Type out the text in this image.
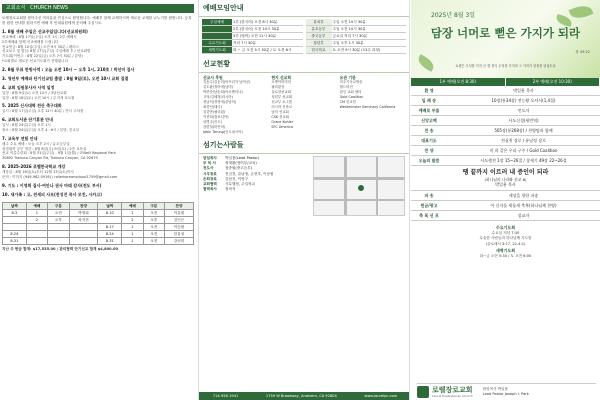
교회소식 CHURCH NEWS
로렐장로교회를 찾아주신 여러분을 진심으로 환영합니다. 예배후 함께 교제하시며 새로운 교제를 나누기를 원합니다. 등록를 원한 안내를 원하시면 예배 후 안내위원에게 문의해 주십시오.
1. 8월 셋째 주일은 선교주일입니다(선교위원회)
선교예배 : 8월 17일(주일) 오후 1시, 2부 예배시
2부예배와 함께 선교예배를 드립니다
선교헌금: 8월 10일(주일) 오전 9시 30분 / 레터스
선교보고 및 합심: 8월 17일(주일) 주일예배 후 / 선교회별
기도회(이번주 : 8월 22일(금) 오후 7시 30분 / 본당)
*교회별로 새로운 선교기도회가 진행됩니다
2. 8월 무료 한방사역 : 오늘 오전 10시 ~ 오후 1시, 210호 / 박선미 집사
3. 청년부 예배와 단기선교팀 출발 : 8월 9일(토), 오전 10시 교회 집결
4. 교회 임원봉사자 사역 일정
일정 : 8월 9일(토) 오전 10시 / 3남선교회
일정 : 8월 16일(토) 오전 10시 / 무지개 포도원
5. 2025 신사대학 전산 축구대회
일시 : 8월 17일(주일) 오후 12시 40분 / 잔디 주차장
6. 교회도서관 단기휴관 안내
일시 : 8월 24일(주일) 오후 1시
장소 : 8월 24일(주일) 오후 4 : 6시 / 본당, 친교실
7. 교육부 연합 안내
매주 수요 예배 : 오늘 오후 2시 / 유초등부실
성경대학 공부 개강 : 8월 8일(금)-9일(토) / 2층 교육실
선교 여름수련회 : 8월 31일(주일) - 9월 1일(월) / O'Neill Regional Park
30892 Trabuco Canyon Rd, Trabuco Canyon, CA 92679
8. 2025-2026 로렐한국학교 개강
개강일 : 8월 16일(토)부터 12월 13일(토)까지
문의 : 이미지 (949-982-0916) / rollerkoreanschool1759@gmail.com
9. 기도 : 이영희 집사·여안나 권사 마태 감사(전도 부서)
10. 새가족 : 고, 전세의 사모(전성진 목사 모친, 시카고)
날짜	예배	구분	찬양	날짜	예배	구분	찬양
8.3	1	오전	박영희	8.10	1	오전	이유원
	2	오후	차지현		2	오후	김인곤
				8.17	1	오전	이승원
8.24				8.24	1	오전	한유성
8.31				8.31	1	오전	강선미
지난 주 헌금 합계: $17,535.00 / 관리협력 단기선교 합계 $4,800.00
예배모임안내
주일예배	1부 (한국어) 오전 8시 30분
	2부 (한국어) 오전 10시 30분
	3부 (영어) 오전 11시 30분
수요기도회	저녁 7시 30분
새벽기도회	화 ~ 금 오전 5시 30분 / 토 오전 6시
유치부	주일 오전 10시 30분
유초등부	주일 오전 10시 30분
중고등부	금요일 저녁 7시 30분
청년부	주일 오후 1시 30분
한국학교	토 오전 9시 30분 (13주 과정)
선교현황
선교사 후원
김동수/김순미(아프리카 남아공)
김도완/정미애(남미)
박종순/남순희(아르헨티나)
고덕/김혜정(러시아)
성남덕/정영애(중남미)
최종선(태국)
김중만(필리핀)
이현희(캄보디아)
임병주(인도)
강한철(미얀마)
Jabin Tarung(인도네시아)
현지 선교회
오병이어미션
필리핀상
실로암선교회
청년부 선교회
선교부 소그룹
러시아 신학교
남미 선교회
CSK 선교회
Grace Kohler
SFC America
유관 기관
미주기독교방송
월드비전
한인 교회 센터
Gold Coalition
CM 선교단
Westminster Seminary California
섬기는사람들
담임목사 박일용(Lead Pastor)
부 목 사	정재황(영어부/교육)
전도사	장종원(중고등부)
시무장로 전심천, 유남정, 손현우, 이동원
은퇴장로 김남진, 이영구
교회협력 사무행정, 주일학교
협력목사 정의석
714-956-1941	1759 W Broadway, Anaheim, CA 92804	www.laurelpc.com
2025년 8월 3일
담장 너머로 뻗은 가지가 되라
창 49:22
요셉은 무성한 가지 곧 샘 곁의 무성한 가지라 그 가지가 담장을 넘었도다
1부 예배(오전 8:30)	2부 예배(오전 10:30)
환 영	박일용 목사
입 례 송	10장(통34장) 전능왕 오셔서(1,4절)
예배로 부름	인도자
신앙고백	사도신경(새번역)
찬 송	505장(통268장) / 찬양팀과 함께
대표기도	전심천 장로 / 유남정 장로
찬 양	미 희 같은 우리 구주 / Gold Coalition
오늘의 말씀	사도행전 1장 15~26절 / 창세기 49장 22~26절
땡 끝까지 이르러 내 증인이 되라
(하나님의 나라와 선교 6)
박일용 목사
파 송	세상을 향한 파송
헌금/광고	이 신자를 새롭게 축복(하나님께 찬양)
축 복 선 포	설교자
수요기도회
수요일 저녁 7:30
무술한 사람들과 하나님께 기도함
(골로새서 3:17, 22-4:1)
새벽기도회
화~금 오전 5:30 / 토 오전 6:00
로렐장로교회
Laurel Presbyterian Church
담임목사 박일용
Lead Pastor Joseph I. Park
